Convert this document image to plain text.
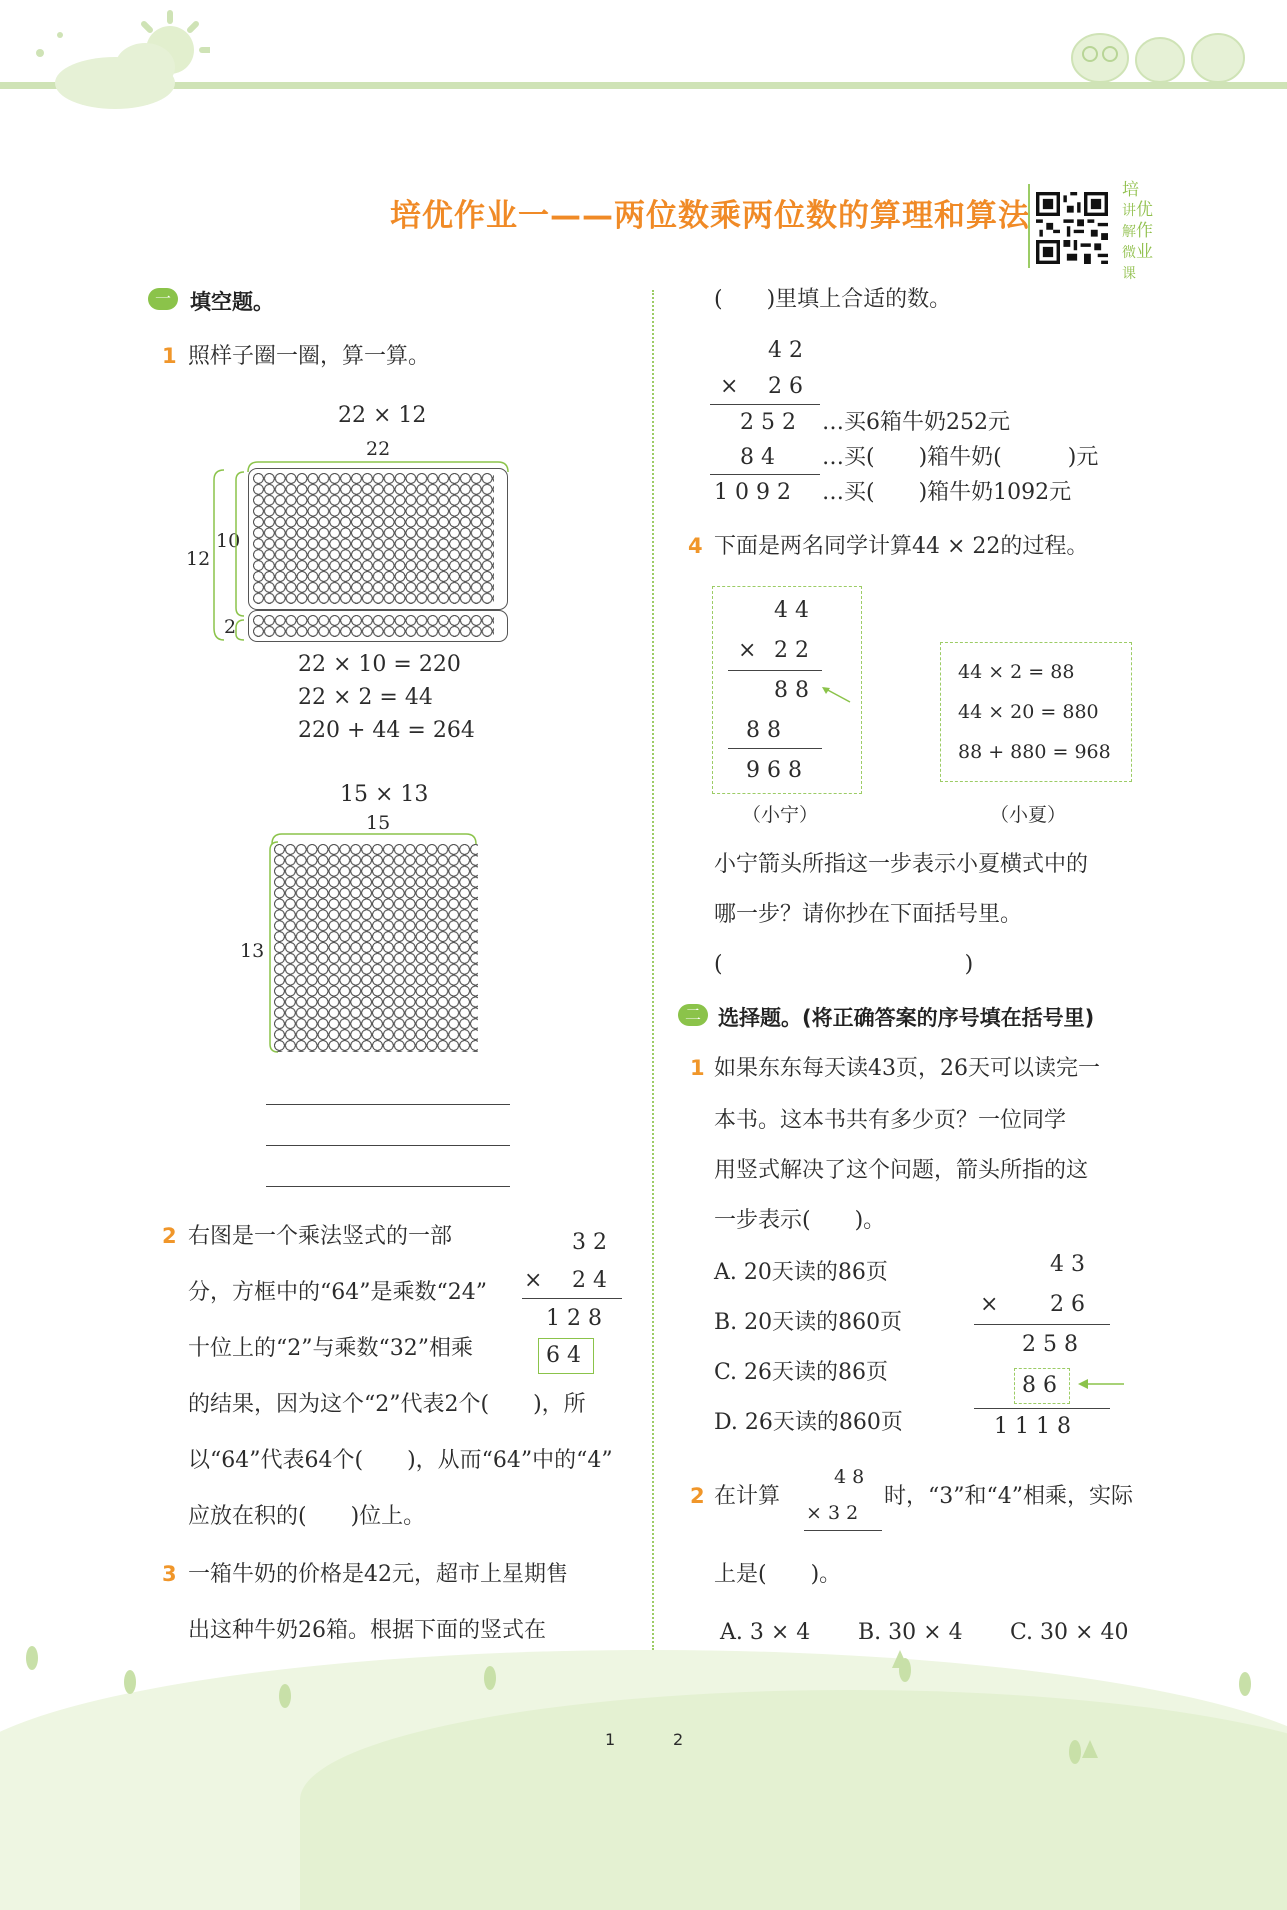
培优作业一——两位数乘两位数的算理和算法
培
讲优
解作
微业
课
一 填空题。
1 照样子圈一圈，算一算。
22 × 12
22
12
10
2
22 × 10 = 220
22 × 2 = 44
220 + 44 = 264
15 × 13
15
13
2 右图是一个乘法竖式的一部
分，方框中的“64”是乘数“24”
十位上的“2”与乘数“32”相乘
的结果，因为这个“2”代表2个(　　)，所
以“64”代表64个(　　)，从而“64”中的“4”
应放在积的(　　)位上。
3 2
× 2 4
1 2 8
6 4
3 一箱牛奶的价格是42元，超市上星期售
出这种牛奶26箱。根据下面的竖式在
(　　)里填上合适的数。
4 2
× 2 6
2 5 2 …买6箱牛奶252元
8 4 …买(　　)箱牛奶(　　　)元
1 0 9 2 …买(　　)箱牛奶1092元
4 下面是两名同学计算44 × 22的过程。
4 4
× 2 2
8 8
8 8
9 6 8
（小宁）
44 × 2 = 88
44 × 20 = 880
88 + 880 = 968
（小夏）
小宁箭头所指这一步表示小夏横式中的
哪一步？请你抄在下面括号里。
(　　　　　　　　　　　)
二 选择题。(将正确答案的序号填在括号里)
1 如果东东每天读43页，26天可以读完一
本书。这本书共有多少页？一位同学
用竖式解决了这个问题，箭头所指的这
一步表示(　　)。
A. 20天读的86页
B. 20天读的860页
C. 26天读的86页
D. 26天读的860页
4 3
× 2 6
2 5 8
8 6
1 1 1 8
2 在计算
4 8
× 3 2
时，“3”和“4”相乘，实际
上是(　　)。
A. 3 × 4 B. 30 × 4 C. 30 × 40
1	2
